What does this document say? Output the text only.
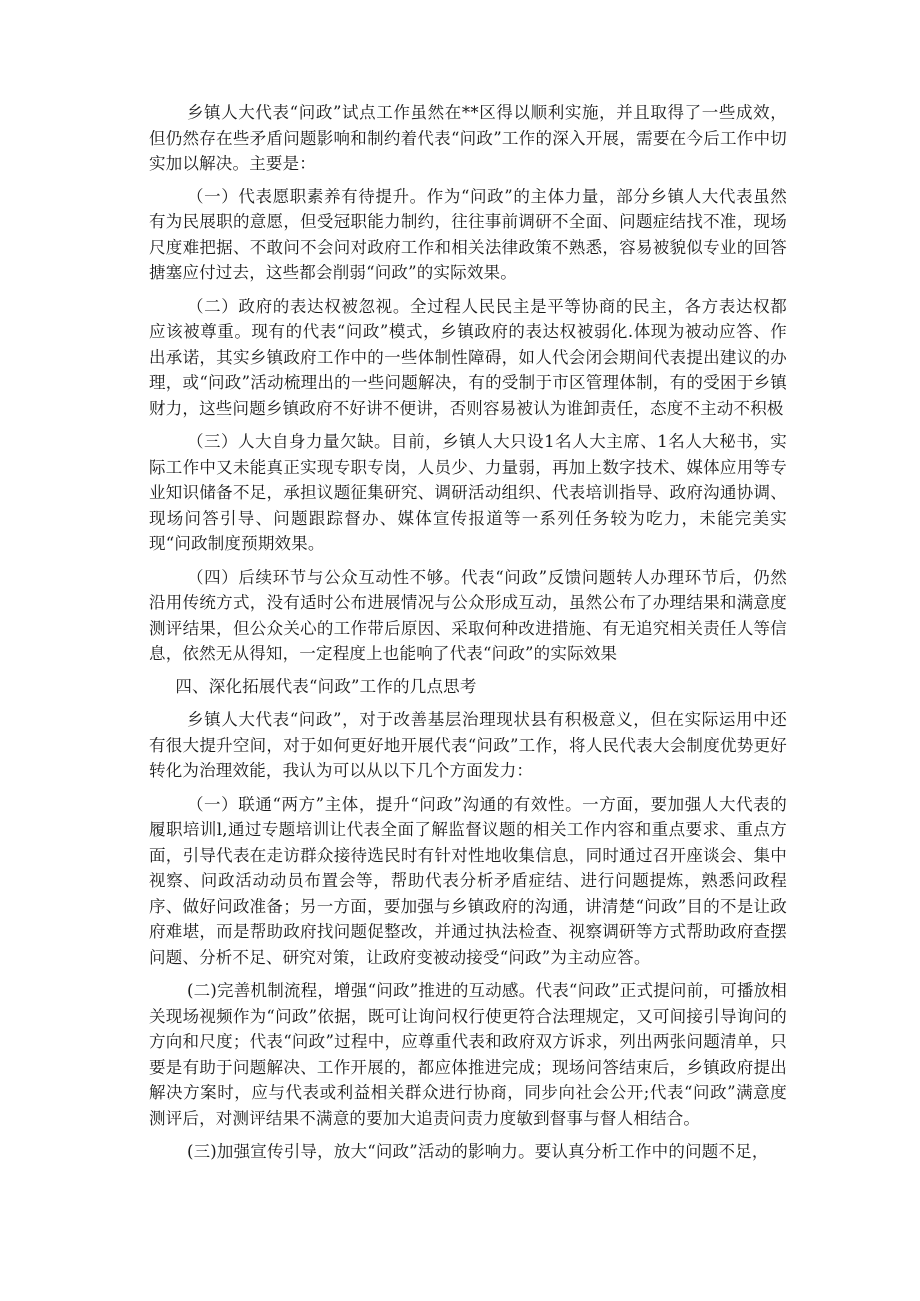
乡镇人大代表“问政”试点工作虽然在**区得以顺利实施，并且取得了一些成效，但仍然存在些矛盾问题影响和制约着代表“问政”工作的深入开展，需要在今后工作中切实加以解决。主要是：

（一）代表愿职素养有待提升。作为“问政”的主体力量，部分乡镇人大代表虽然有为民展职的意愿，但受冠职能力制约，往往事前调研不全面、问题症结找不准，现场尺度难把据、不敢问不会问对政府工作和相关法律政策不熟悉，容易被貌似专业的回答搪塞应付过去，这些都会削弱“问政”的实际效果。

（二）政府的表达权被忽视。全过程人民民主是平等协商的民主，各方表达权都应该被尊重。现有的代表“问政”模式，乡镇政府的表达权被弱化.体现为被动应答、作出承诺，其实乡镇政府工作中的一些体制性障碍，如人代会闭会期间代表提出建议的办理，或“问政”活动梳理出的一些问题解决，有的受制于市区管理体制，有的受困于乡镇财力，这些问题乡镇政府不好讲不便讲，否则容易被认为谁卸责任，态度不主动不积极

（三）人大自身力量欠缺。目前，乡镇人大只设1名人大主席、1名人大秘书，实际工作中又未能真正实现专职专岗，人员少、力量弱，再加上数字技术、媒体应用等专业知识储备不足，承担议题征集研究、调研活动组织、代表培训指导、政府沟通协调、现场问答引导、问题跟踪督办、媒体宣传报道等一系列任务较为吃力，未能完美实现“问政制度预期效果。

（四）后续环节与公众互动性不够。代表“问政”反馈问题转人办理环节后，仍然沿用传统方式，没有适时公布进展情况与公众形成互动，虽然公布了办理结果和满意度测评结果，但公众关心的工作带后原因、采取何种改进措施、有无追究相关责任人等信息，依然无从得知，一定程度上也能响了代表“问政”的实际效果

四、深化拓展代表“问政”工作的几点思考

乡镇人大代表“问政”，对于改善基层治理现状县有积极意义，但在实际运用中还有很大提升空间，对于如何更好地开展代表“问政”工作，将人民代表大会制度优势更好转化为治理效能，我认为可以从以下几个方面发力：

（一）联通“两方”主体，提升“问政”沟通的有效性。一方面，要加强人大代表的履职培训l,通过专题培训让代表全面了解监督议题的相关工作内容和重点要求、重点方面，引导代表在走访群众接待选民时有针对性地收集信息，同时通过召开座谈会、集中视察、问政活动动员布置会等，帮助代表分析矛盾症结、进行问题提炼，熟悉问政程序、做好问政准备；另一方面，要加强与乡镇政府的沟通，讲清楚“问政”目的不是让政府难堪，而是帮助政府找问题促整改，并通过执法检查、视察调研等方式帮助政府查摆问题、分析不足、研究对策，让政府变被动接受“问政”为主动应答。

(二)完善机制流程，增强“问政”推进的互动感。代表“问政”正式提问前，可播放相关现场视频作为“问政”依据，既可让询问权行使更符合法理规定，又可间接引导询问的方向和尺度；代表“问政”过程中，应尊重代表和政府双方诉求，列出两张问题清单，只要是有助于问题解决、工作开展的，都应体推进完成；现场问答结束后，乡镇政府提出解决方案时，应与代表或利益相关群众进行协商，同步向社会公开;代表“问政”满意度测评后，对测评结果不满意的要加大追责问责力度敏到督事与督人相结合。

(三)加强宣传引导，放大“问政”活动的影响力。要认真分析工作中的问题不足，
